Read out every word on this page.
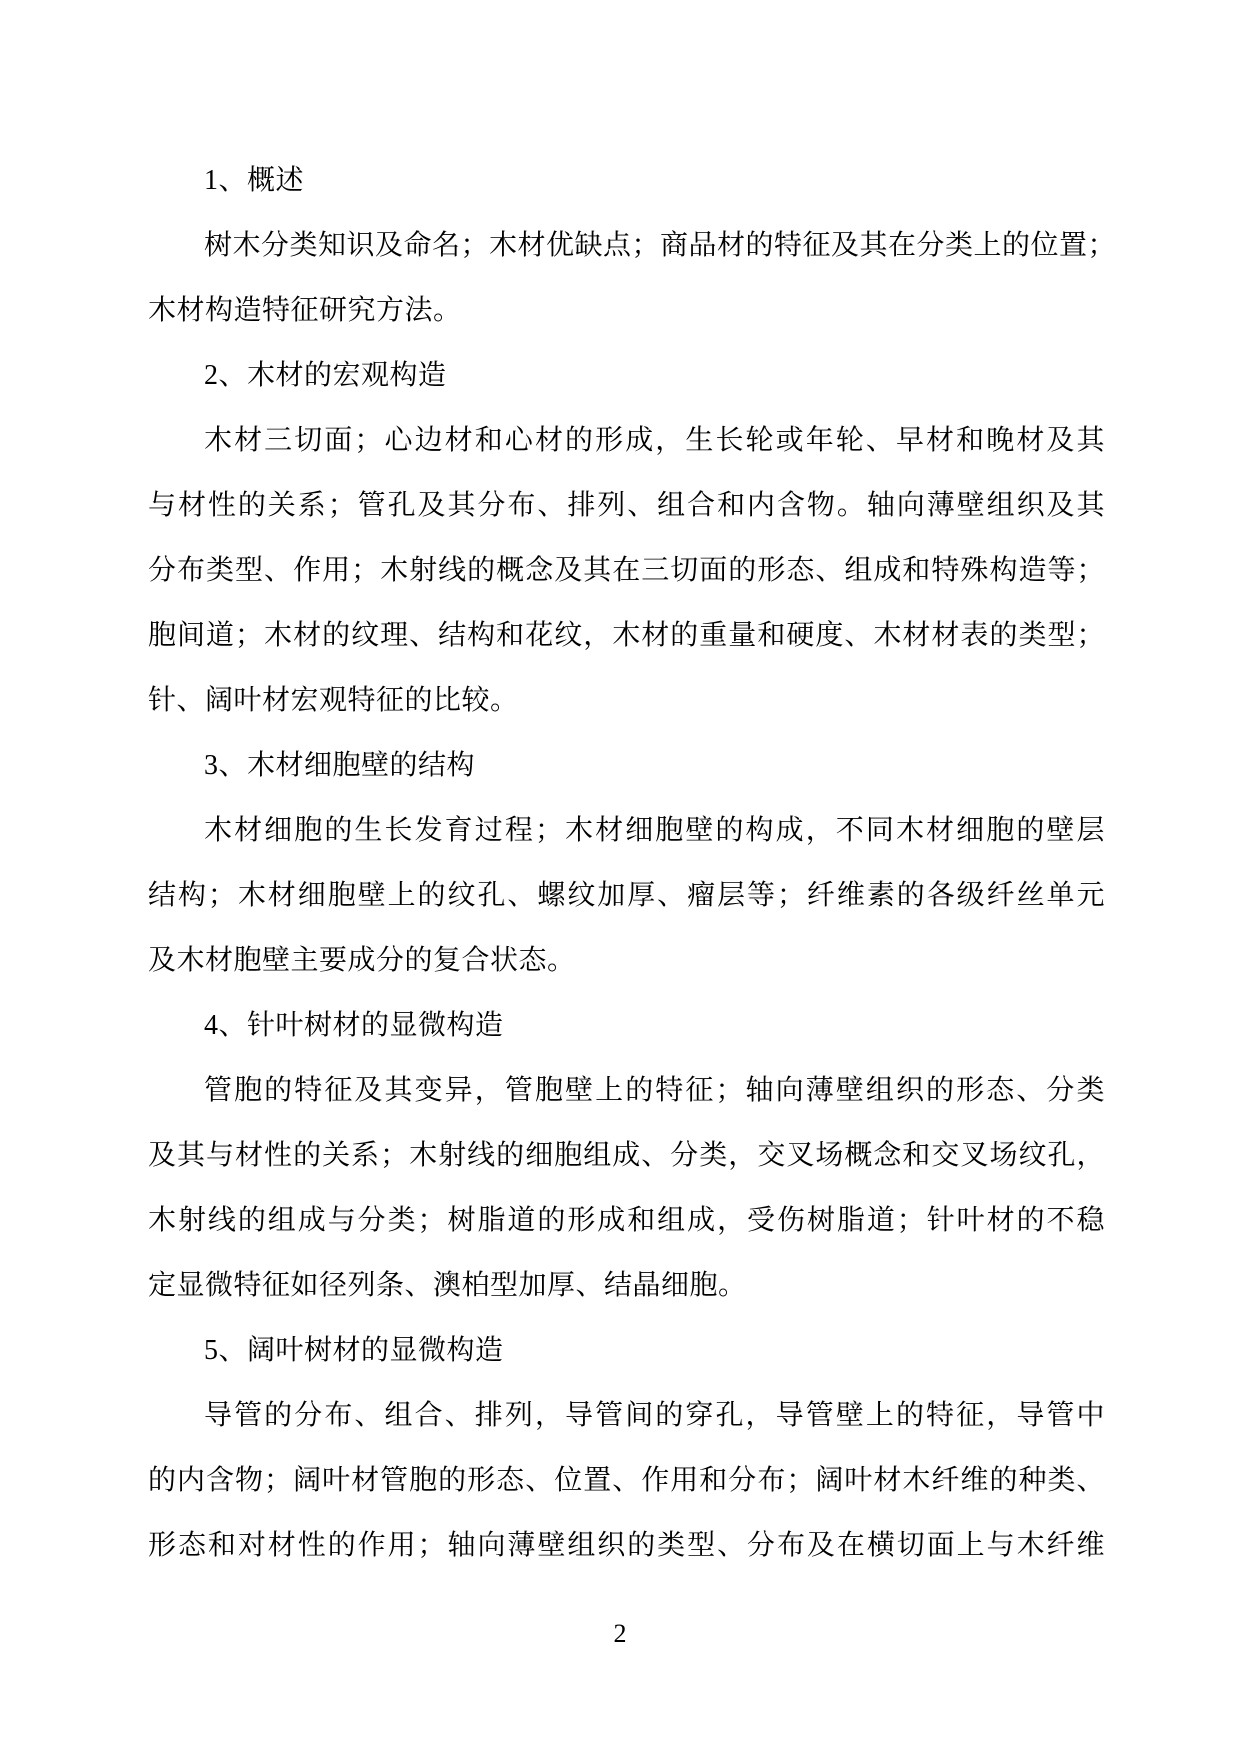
1、概述
树木分类知识及命名；木材优缺点；商品材的特征及其在分类上的位置；
木材构造特征研究方法。
2、木材的宏观构造
木材三切面；心边材和心材的形成，生长轮或年轮、早材和晚材及其
与材性的关系；管孔及其分布、排列、组合和内含物。轴向薄壁组织及其
分布类型、作用；木射线的概念及其在三切面的形态、组成和特殊构造等；
胞间道；木材的纹理、结构和花纹，木材的重量和硬度、木材材表的类型；
针、阔叶材宏观特征的比较。
3、木材细胞壁的结构
木材细胞的生长发育过程；木材细胞壁的构成，不同木材细胞的壁层
结构；木材细胞壁上的纹孔、螺纹加厚、瘤层等；纤维素的各级纤丝单元
及木材胞壁主要成分的复合状态。
4、针叶树材的显微构造
管胞的特征及其变异，管胞壁上的特征；轴向薄壁组织的形态、分类
及其与材性的关系；木射线的细胞组成、分类，交叉场概念和交叉场纹孔，
木射线的组成与分类；树脂道的形成和组成，受伤树脂道；针叶材的不稳
定显微特征如径列条、澳柏型加厚、结晶细胞。
5、阔叶树材的显微构造
导管的分布、组合、排列，导管间的穿孔，导管壁上的特征，导管中
的内含物；阔叶材管胞的形态、位置、作用和分布；阔叶材木纤维的种类、
形态和对材性的作用；轴向薄壁组织的类型、分布及在横切面上与木纤维
2
